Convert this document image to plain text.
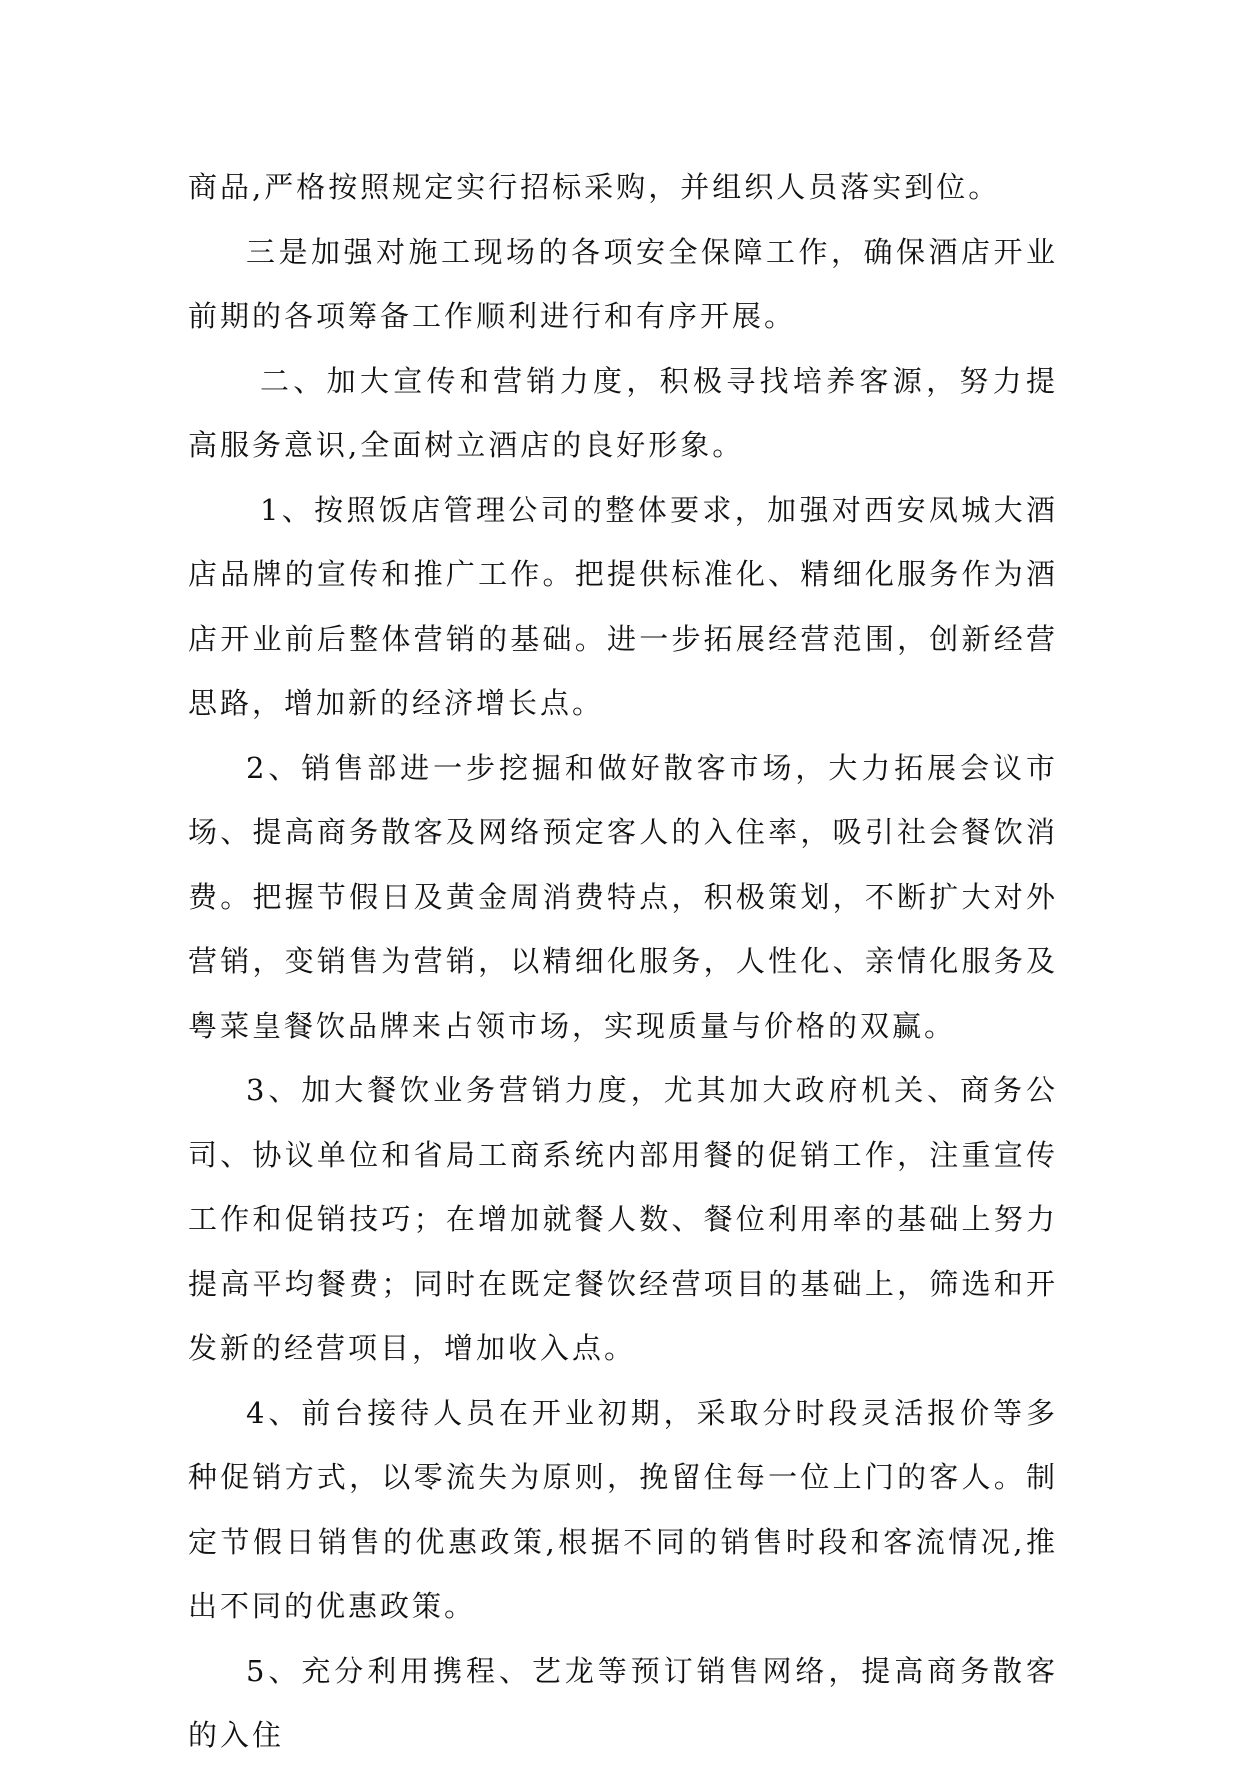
商品,严格按照规定实行招标采购，并组织人员落实到位。

三是加强对施工现场的各项安全保障工作，确保酒店开业前期的各项筹备工作顺利进行和有序开展。

二、加大宣传和营销力度，积极寻找培养客源，努力提高服务意识,全面树立酒店的良好形象。

1、按照饭店管理公司的整体要求，加强对西安凤城大酒店品牌的宣传和推广工作。把提供标准化、精细化服务作为酒店开业前后整体营销的基础。进一步拓展经营范围，创新经营思路，增加新的经济增长点。

2、销售部进一步挖掘和做好散客市场，大力拓展会议市场、提高商务散客及网络预定客人的入住率，吸引社会餐饮消费。把握节假日及黄金周消费特点，积极策划，不断扩大对外营销，变销售为营销，以精细化服务，人性化、亲情化服务及粤菜皇餐饮品牌来占领市场，实现质量与价格的双赢。

3、加大餐饮业务营销力度，尤其加大政府机关、商务公司、协议单位和省局工商系统内部用餐的促销工作，注重宣传工作和促销技巧；在增加就餐人数、餐位利用率的基础上努力提高平均餐费；同时在既定餐饮经营项目的基础上，筛选和开发新的经营项目，增加收入点。

4、前台接待人员在开业初期，采取分时段灵活报价等多种促销方式，以零流失为原则，挽留住每一位上门的客人。制定节假日销售的优惠政策,根据不同的销售时段和客流情况,推出不同的优惠政策。

5、充分利用携程、艺龙等预订销售网络，提高商务散客的入住
